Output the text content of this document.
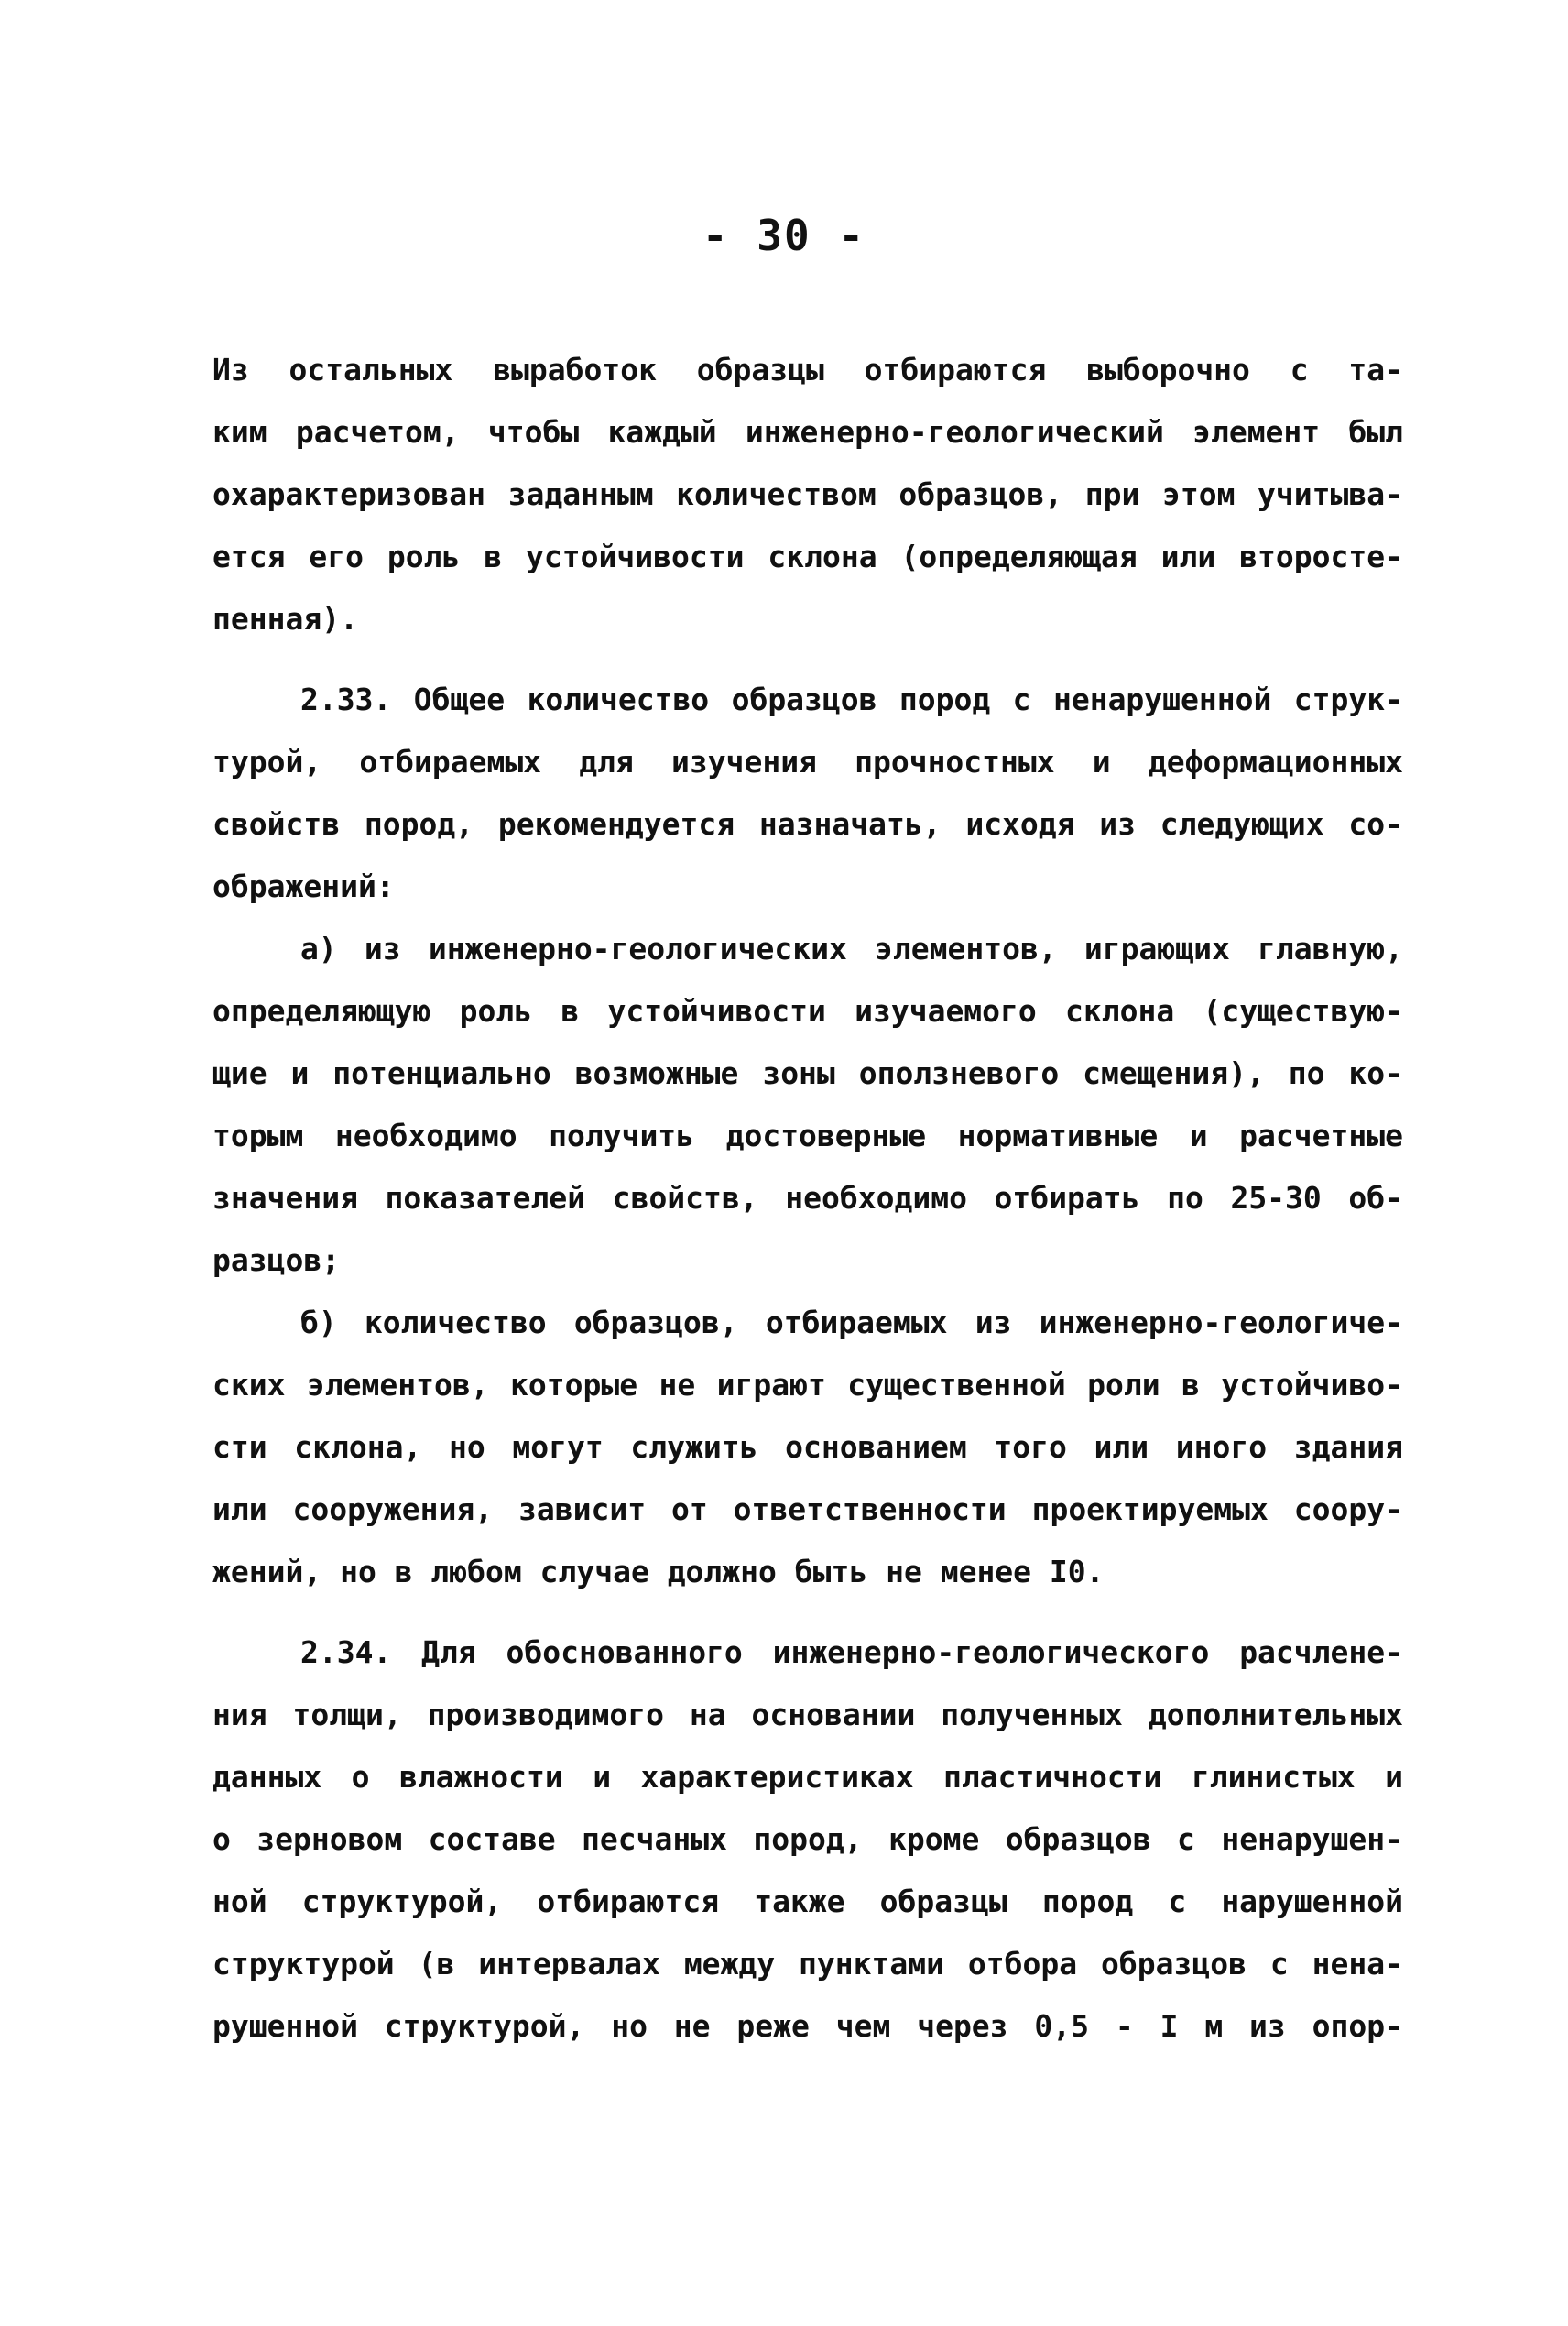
- 30 -
Из остальных выработок образцы отбираются выборочно с та-
ким расчетом, чтобы каждый инженерно-геологический элемент был
охарактеризован заданным количеством образцов, при этом учитыва-
ется его роль в устойчивости склона (определяющая или второсте-
пенная).
2.33. Общее количество образцов пород с ненарушенной струк-
турой, отбираемых для изучения прочностных и деформационных
свойств пород, рекомендуется назначать, исходя из следующих со-
ображений:
а) из инженерно-геологических элементов, играющих главную,
определяющую роль в устойчивости изучаемого склона (существую-
щие и потенциально возможные зоны оползневого смещения), по ко-
торым необходимо получить достоверные нормативные и расчетные
значения показателей свойств, необходимо отбирать по 25-30 об-
разцов;
б) количество образцов, отбираемых из инженерно-геологиче-
ских элементов, которые не играют существенной роли в устойчиво-
сти склона, но могут служить основанием того или иного здания
или сооружения, зависит от ответственности проектируемых соору-
жений, но в любом случае должно быть не менее I0.
2.34. Для обоснованного инженерно-геологического расчлене-
ния толщи, производимого на основании полученных дополнительных
данных о влажности и характеристиках пластичности глинистых и
о зерновом составе песчаных пород, кроме образцов с ненарушен-
ной структурой, отбираются также образцы пород с нарушенной
структурой (в интервалах между пунктами отбора образцов с нена-
рушенной структурой, но не реже чем через 0,5 - I м из опор-
